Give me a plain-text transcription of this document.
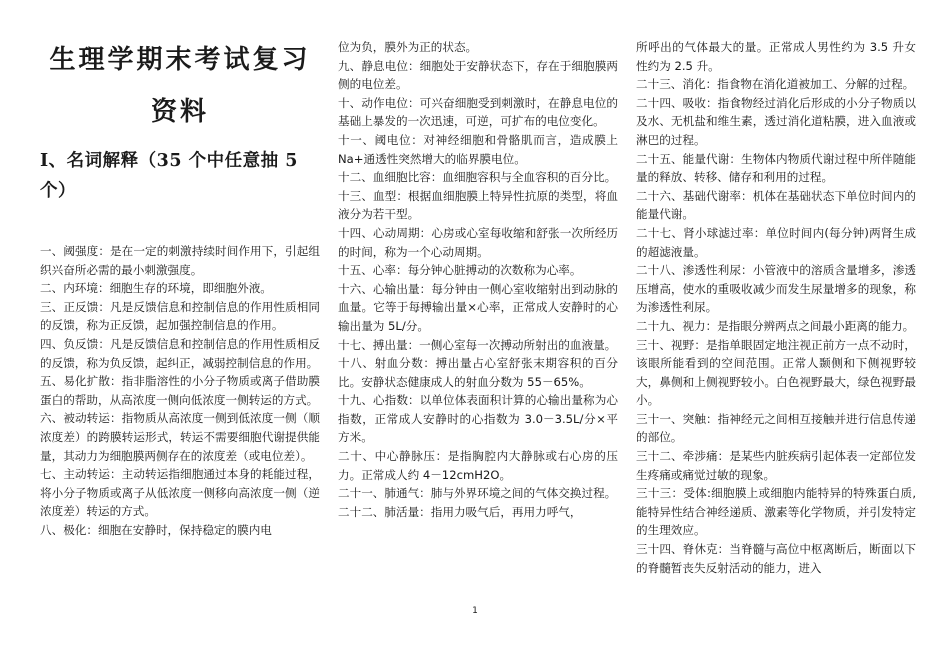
生理学期末考试复习
资料
Ⅰ、名词解释（35 个中任意抽 5 个）

一、阈强度：是在一定的刺激持续时间作用下，引起组织兴奋所必需的最小刺激强度。

二、内环境：细胞生存的环境，即细胞外液。

三、正反馈：凡是反馈信息和控制信息的作用性质相同的反馈，称为正反馈，起加强控制信息的作用。

四、负反馈：凡是反馈信息和控制信息的作用性质相反的反馈，称为负反馈，起纠正，减弱控制信息的作用。

五、易化扩散：指非脂溶性的小分子物质或离子借助膜蛋白的帮助，从高浓度一侧向低浓度一侧转运的方式。

六、被动转运：指物质从高浓度一侧到低浓度一侧（顺浓度差）的跨膜转运形式，转运不需要细胞代谢提供能量，其动力为细胞膜两侧存在的浓度差（或电位差）。

七、主动转运：主动转运指细胞通过本身的耗能过程，将小分子物质或离子从低浓度一侧移向高浓度一侧（逆浓度差）转运的方式。

八、极化：细胞在安静时，保持稳定的膜内电

位为负，膜外为正的状态。

九、静息电位：细胞处于安静状态下，存在于细胞膜两侧的电位差。

十、动作电位：可兴奋细胞受到刺激时，在静息电位的基础上暴发的一次迅速，可逆，可扩布的电位变化。

十一、阈电位：对神经细胞和骨骼肌而言，造成膜上 Na+通透性突然增大的临界膜电位。

十二、血细胞比容：血细胞容积与全血容积的百分比。

十三、血型：根据血细胞膜上特异性抗原的类型，将血液分为若干型。

十四、心动周期：心房或心室每收缩和舒张一次所经历的时间，称为一个心动周期。

十五、心率：每分钟心脏搏动的次数称为心率。

十六、心输出量：每分钟由一侧心室收缩射出到动脉的血量。它等于每搏输出量×心率，正常成人安静时的心输出量为 5L/分。

十七、搏出量：一侧心室每一次搏动所射出的血液量。

十八、射血分数：搏出量占心室舒张末期容积的百分比。安静状态健康成人的射血分数为 55－65%。

十九、心指数：以单位体表面积计算的心输出量称为心指数，正常成人安静时的心指数为 3.0－3.5L/分×平方米。

二十、中心静脉压：是指胸腔内大静脉或右心房的压力。正常成人约 4－12cmH2O。

二十一、肺通气：肺与外界环境之间的气体交换过程。

二十二、肺活量：指用力吸气后，再用力呼气，

所呼出的气体最大的量。正常成人男性约为 3.5 升女性约为 2.5 升。

二十三、消化：指食物在消化道被加工、分解的过程。

二十四、吸收：指食物经过消化后形成的小分子物质以及水、无机盐和维生素，透过消化道粘膜，进入血液或淋巴的过程。

二十五、能量代谢：生物体内物质代谢过程中所伴随能量的释放、转移、储存和利用的过程。

二十六、基础代谢率：机体在基础状态下单位时间内的能量代谢。

二十七、肾小球滤过率：单位时间内(每分钟)两肾生成的超滤液量。

二十八、渗透性利尿：小管液中的溶质含量增多，渗透压增高，使水的重吸收减少而发生尿量增多的现象，称为渗透性利尿。

二十九、视力：是指眼分辨两点之间最小距离的能力。

三十、视野：是指单眼固定地注视正前方一点不动时，该眼所能看到的空间范围。正常人颞侧和下侧视野较大，鼻侧和上侧视野较小。白色视野最大，绿色视野最小。

三十一、突触：指神经元之间相互接触并进行信息传递的部位。

三十二、牵涉痛：是某些内脏疾病引起体表一定部位发生疼痛或痛觉过敏的现象。

三十三：受体:细胞膜上或细胞内能特异的特殊蛋白质,能特异性结合神经递质、激素等化学物质，并引发特定的生理效应。

三十四、脊休克：当脊髓与高位中枢离断后，断面以下的脊髓暂丧失反射活动的能力，进入

1
